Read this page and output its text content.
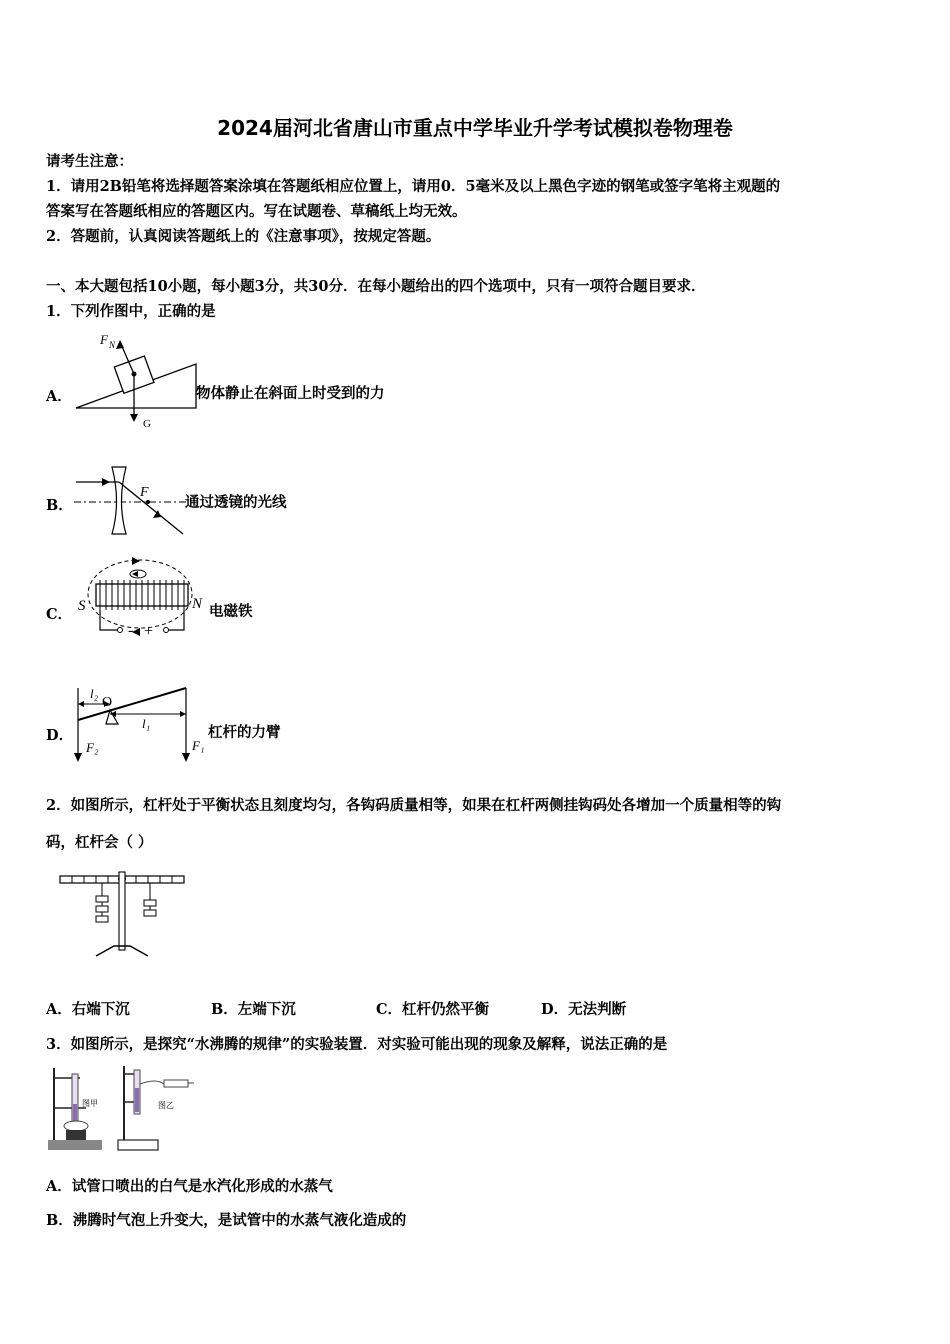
2024届河北省唐山市重点中学毕业升学考试模拟卷物理卷
请考生注意：
1．请用2B铅笔将选择题答案涂填在答题纸相应位置上，请用0．5毫米及以上黑色字迹的钢笔或签字笔将主观题的
答案写在答题纸相应的答题区内。写在试题卷、草稿纸上均无效。
2．答题前，认真阅读答题纸上的《注意事项》，按规定答题。
一、本大题包括10小题，每小题3分，共30分．在每小题给出的四个选项中，只有一项符合题目要求．
1．下列作图中，正确的是
A．
F N
G
物体静止在斜面上时受到的力
B．
F
通过透镜的光线
C． S	N
- +
电磁铁
D．
l₂
O
l₁
F₂	F₁
杠杆的力臂
2．如图所示，杠杆处于平衡状态且刻度均匀，各钩码质量相等，如果在杠杆两侧挂钩码处各增加一个质量相等的钩
码，杠杆会（ ）
A．右端下沉	B．左端下沉	C．杠杆仍然平衡	D．无法判断
3．如图所示，是探究“水沸腾的规律”的实验装置．对实验可能出现的现象及解释，说法正确的是
图甲	图乙
A．试管口喷出的白气是水汽化形成的水蒸气
B．沸腾时气泡上升变大，是试管中的水蒸气液化造成的
